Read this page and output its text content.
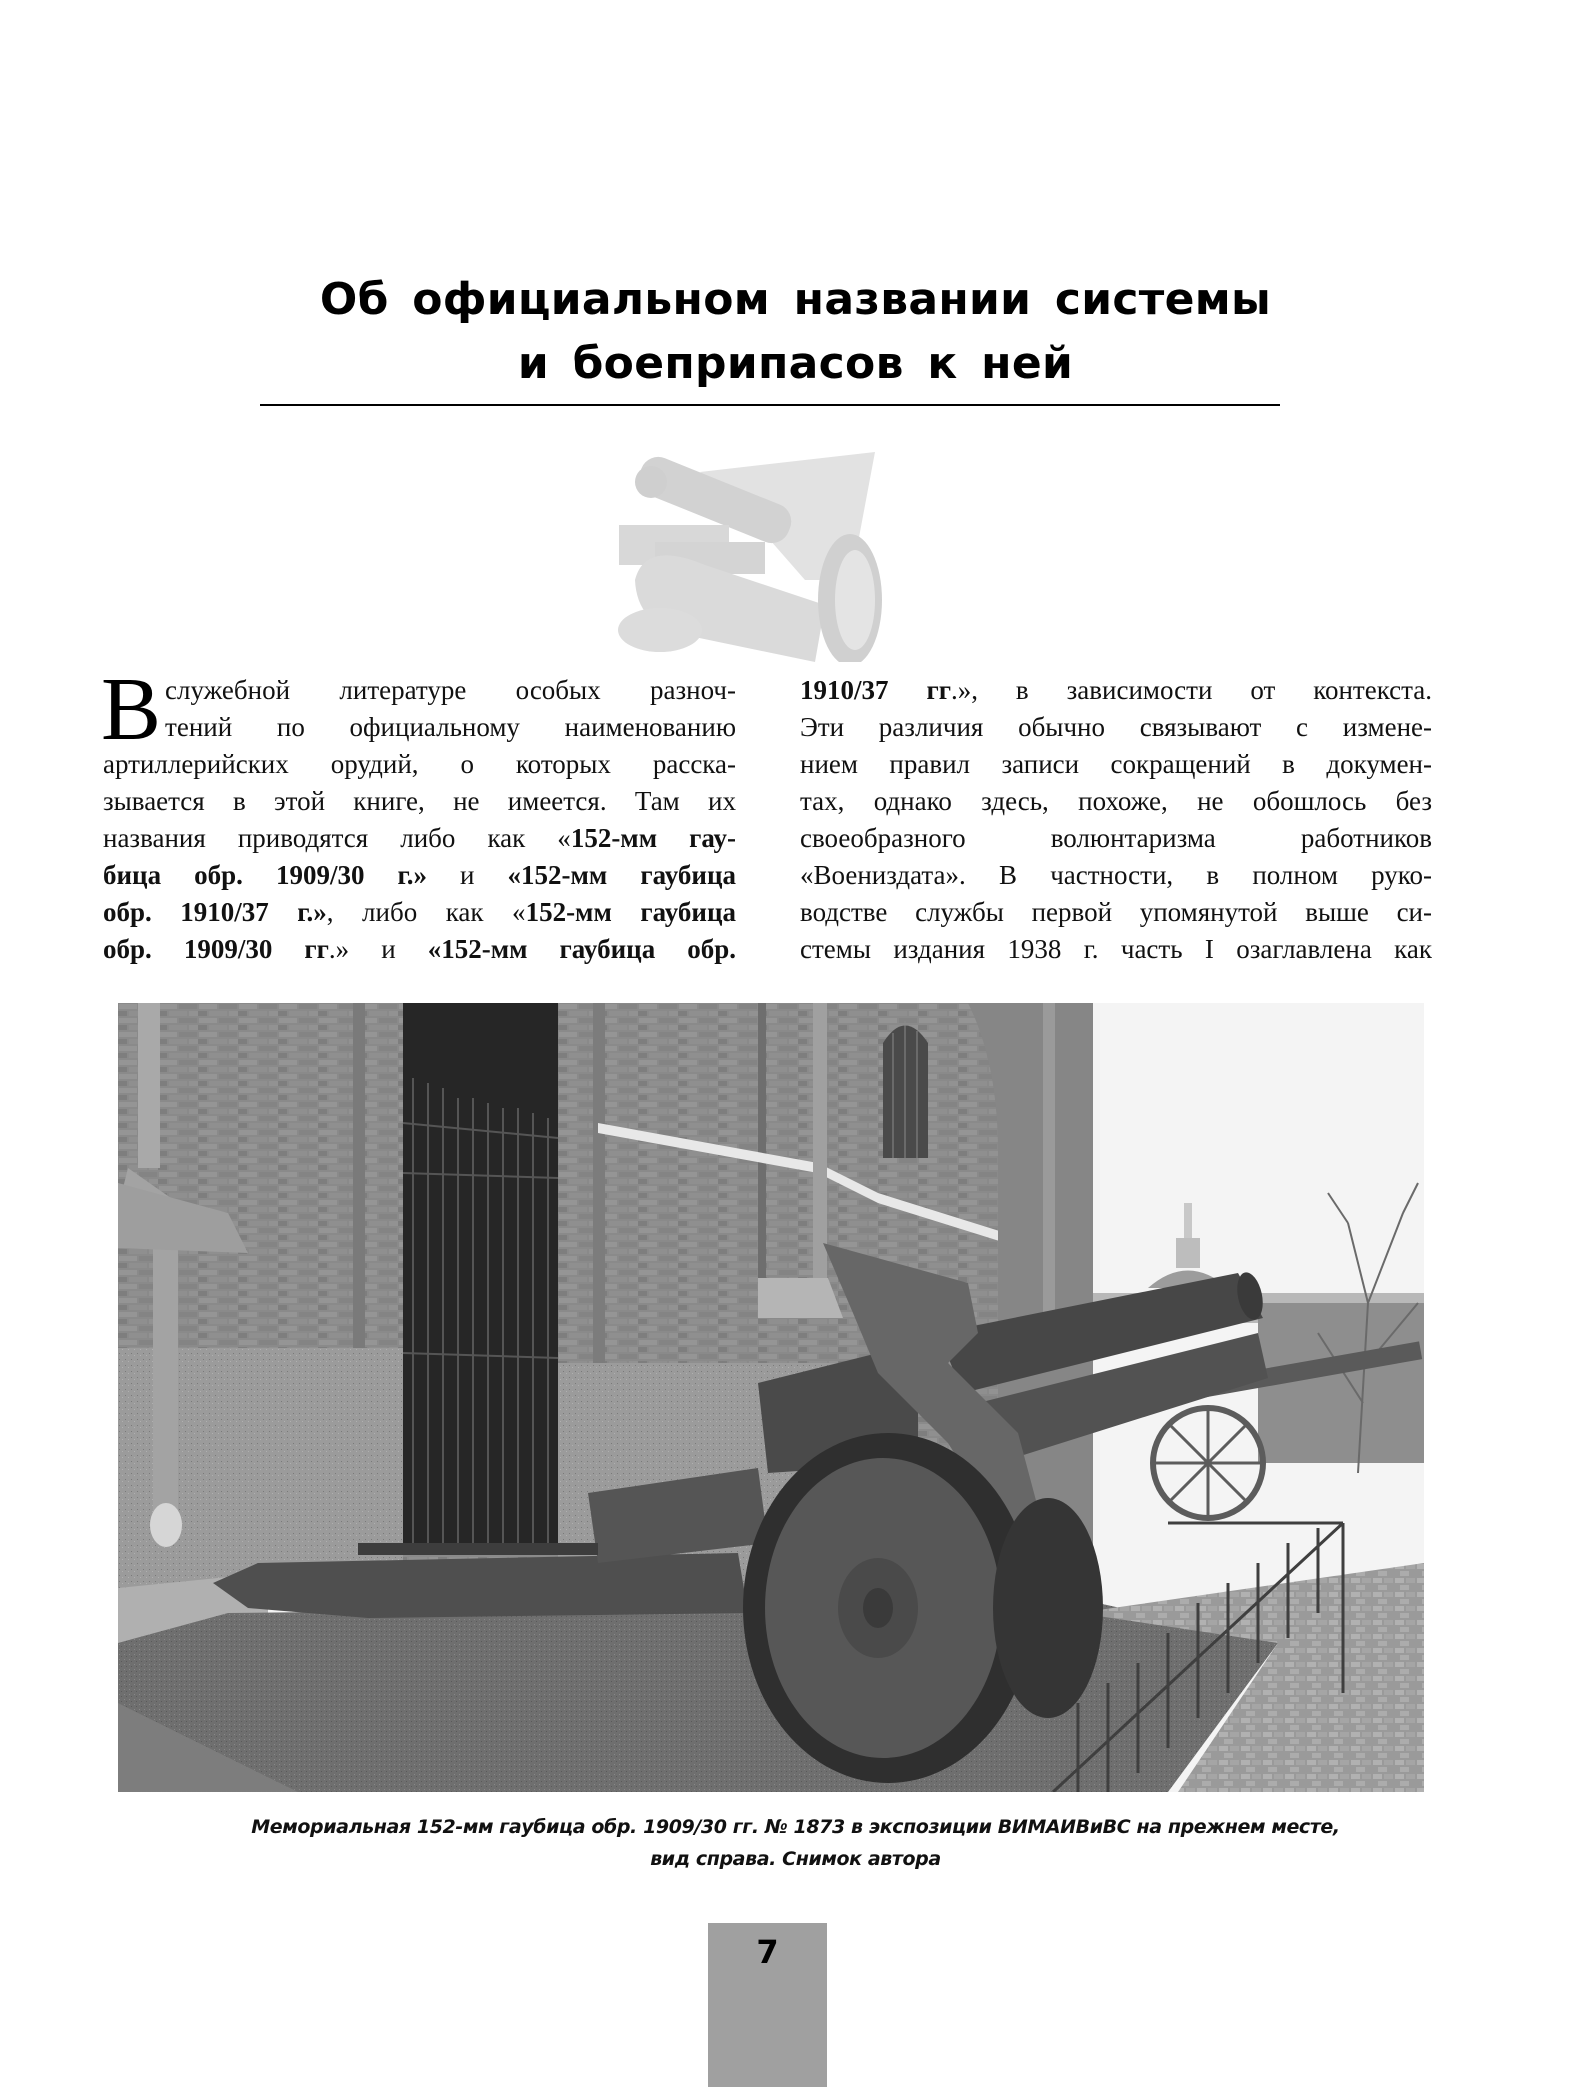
Об официальном названии системы
и боеприпасов к ней
В служебной литературе особых разноч-
тений по официальному наименованию
артиллерийских орудий, о которых расска-
зывается в этой книге, не имеется. Там их
названия приводятся либо как «152-мм гау-
бица обр. 1909/30 г.» и «152-мм гаубица
обр. 1910/37 г.», либо как «152-мм гаубица
обр. 1909/30 гг.» и «152-мм гаубица обр.
1910/37 гг.», в зависимости от контекста.
Эти различия обычно связывают с измене-
нием правил записи сокращений в докумен-
тах, однако здесь, похоже, не обошлось без
своеобразного волюнтаризма работников
«Воениздата». В частности, в полном руко-
водстве службы первой упомянутой выше си-
стемы издания 1938 г. часть I озаглавлена как
Мемориальная 152-мм гаубица обр. 1909/30 гг. № 1873 в экспозиции ВИМАИВиВС на прежнем месте,
вид справа. Снимок автора
7
